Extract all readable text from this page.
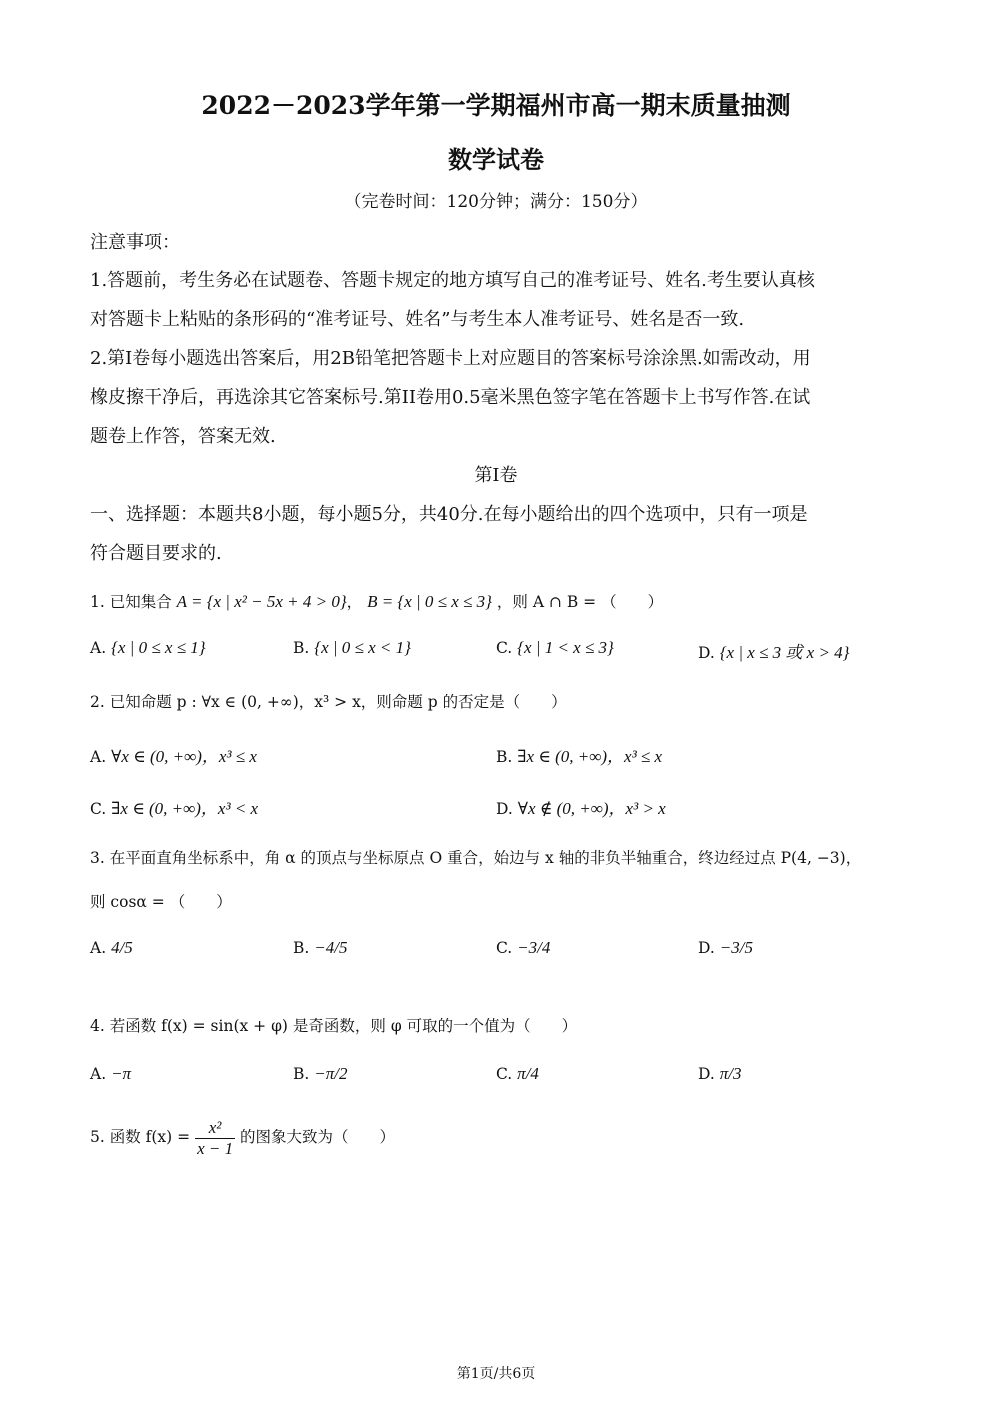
2022－2023学年第一学期福州市高一期末质量抽测
数学试卷
（完卷时间：120分钟；满分：150分）
注意事项：
1.答题前，考生务必在试题卷、答题卡规定的地方填写自己的准考证号、姓名.考生要认真核
对答题卡上粘贴的条形码的“准考证号、姓名”与考生本人准考证号、姓名是否一致.
2.第I卷每小题选出答案后，用2B铅笔把答题卡上对应题目的答案标号涂涂黑.如需改动，用
橡皮擦干净后，再选涂其它答案标号.第II卷用0.5毫米黑色签字笔在答题卡上书写作答.在试
题卷上作答，答案无效.
第I卷
一、选择题：本题共8小题，每小题5分，共40分.在每小题给出的四个选项中，只有一项是
符合题目要求的.
1. 已知集合 A = {x | x² − 5x + 4 > 0}， B = {x | 0 ≤ x ≤ 3} ，则 A ∩ B = （　　）
A. {x | 0 ≤ x ≤ 1}	B. {x | 0 ≤ x < 1}	C. {x | 1 < x ≤ 3}	D. {x | x ≤ 3 或 x > 4}
2. 已知命题 p : ∀x ∈ (0, +∞)，x³ > x，则命题 p 的否定是（　　）
A. ∀x ∈ (0, +∞)，x³ ≤ x	B. ∃x ∈ (0, +∞)，x³ ≤ x
C. ∃x ∈ (0, +∞)，x³ < x	D. ∀x ∉ (0, +∞)，x³ > x
3. 在平面直角坐标系中，角 α 的顶点与坐标原点 O 重合，始边与 x 轴的非负半轴重合，终边经过点 P(4, −3)，
则 cosα = （　　）
A. 4/5	B. −4/5	C. −3/4	D. −3/5
4. 若函数 f(x) = sin(x + φ) 是奇函数，则 φ 可取的一个值为（　　）
A. −π	B. −π/2	C. π/4	D. π/3
5. 函数 $f(x) = \frac{\text{x²}}{x - 1}$ 的图象大致为（　　）
第1页/共6页
